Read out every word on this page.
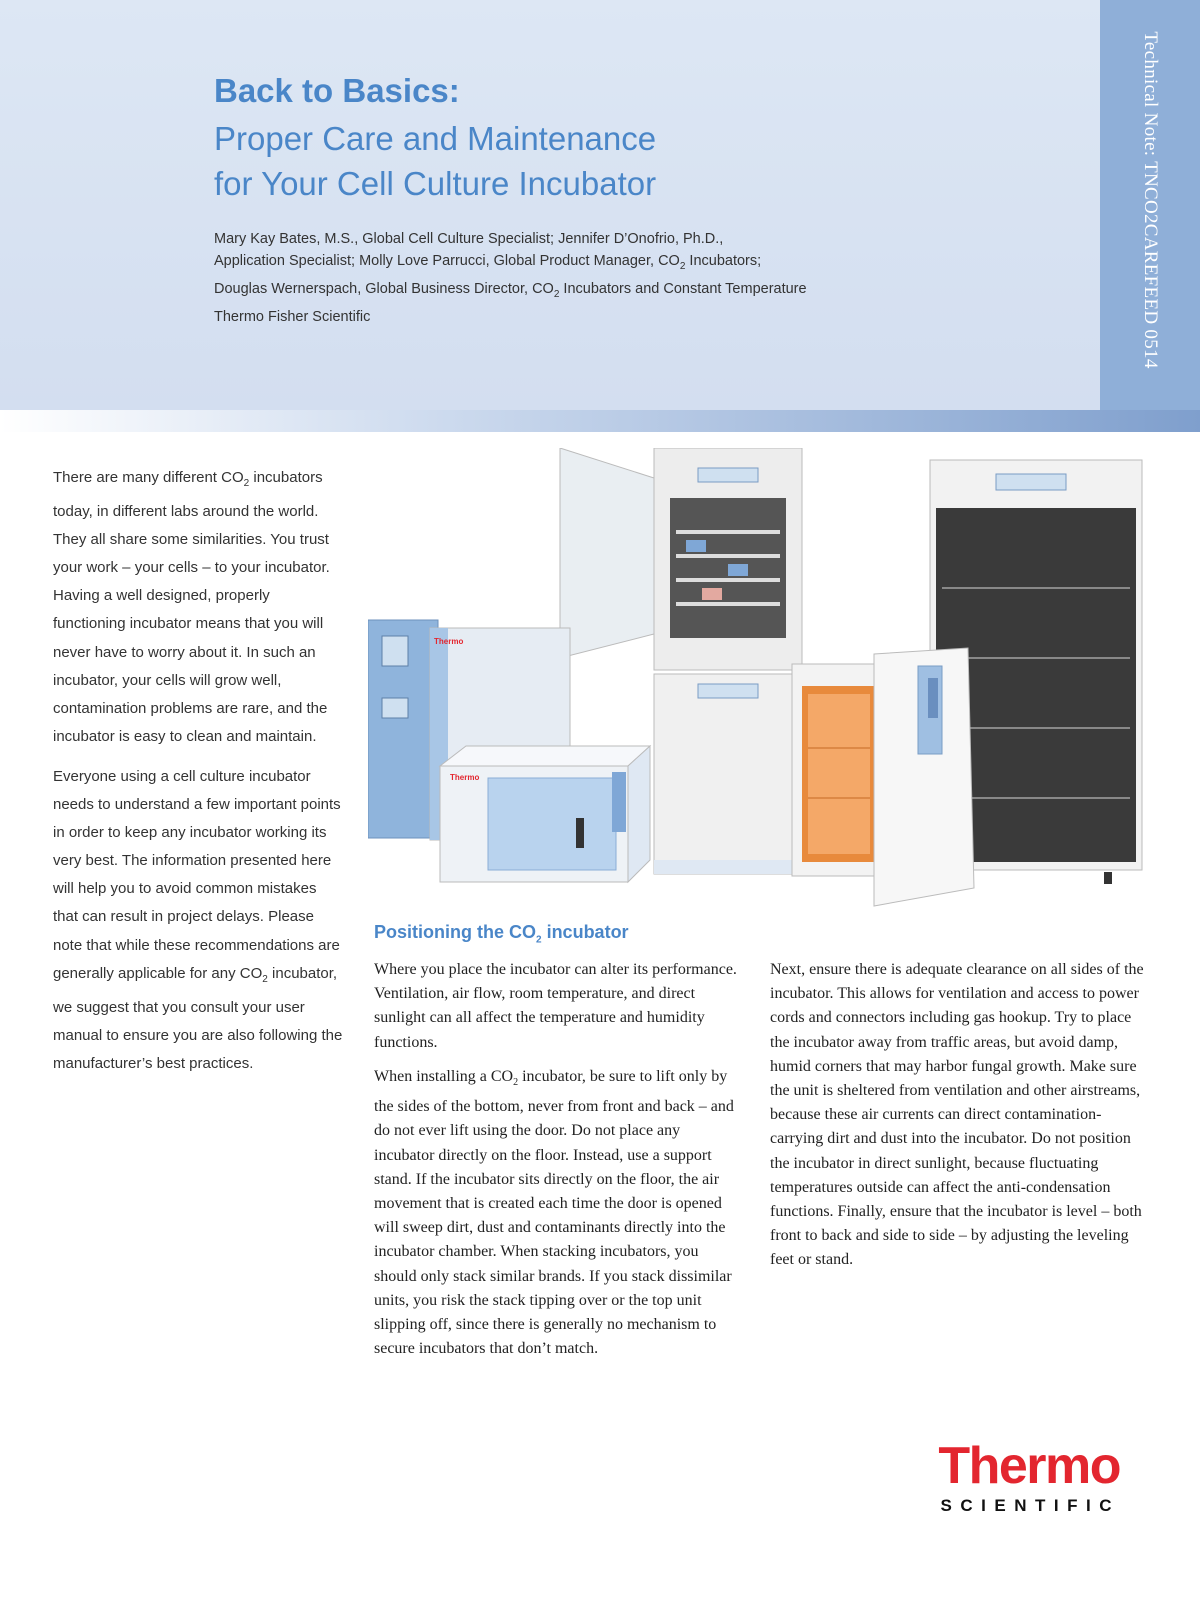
Technical Note: TNCO2CAREFEED 0514
Back to Basics:
Proper Care and Maintenance
for Your Cell Culture Incubator
Mary Kay Bates, M.S., Global Cell Culture Specialist; Jennifer D’Onofrio, Ph.D.,
Application Specialist; Molly Love Parrucci, Global Product Manager, $CO_2$ Incubators;
Douglas Wernerspach, Global Business Director, $CO_2$ Incubators and Constant Temperature
Thermo Fisher Scientific

There are many different $CO_2$ incubators today, in different labs around the world. They all share some similarities. You trust your work – your cells – to your incubator. Having a well designed, properly functioning incubator means that you will never have to worry about it. In such an incubator, your cells will grow well, contamination problems are rare, and the incubator is easy to clean and maintain.

Everyone using a cell culture incubator needs to understand a few important points in order to keep any incubator working its very best. The information presented here will help you to avoid common mistakes that can result in project delays. Please note that while these recommendations are generally applicable for any $CO_2$ incubator, we suggest that you consult your user manual to ensure you are also following the manufacturer’s best practices.

Thermo
Thermo
Positioning the $CO_2$ incubator

Where you place the incubator can alter its performance. Ventilation, air flow, room temperature, and direct sunlight can all affect the temperature and humidity functions.

When installing a $CO_2$ incubator, be sure to lift only by the sides of the bottom, never from front and back – and do not ever lift using the door. Do not place any incubator directly on the floor. Instead, use a support stand. If the incubator sits directly on the floor, the air movement that is created each time the door is opened will sweep dirt, dust and contaminants directly into the incubator chamber. When stacking incubators, you should only stack similar brands. If you stack dissimilar units, you risk the stack tipping over or the top unit slipping off, since there is generally no mechanism to secure incubators that don’t match.

Next, ensure there is adequate clearance on all sides of the incubator. This allows for ventilation and access to power cords and connectors including gas hookup. Try to place the incubator away from traffic areas, but avoid damp, humid corners that may harbor fungal growth. Make sure the unit is sheltered from ventilation and other airstreams, because these air currents can direct contamination-carrying dirt and dust into the incubator. Do not position the incubator in direct sunlight, because fluctuating temperatures outside can affect the anti-condensation functions. Finally, ensure that the incubator is level – both front to back and side to side – by adjusting the leveling feet or stand.

Thermo
SCIENTIFIC
